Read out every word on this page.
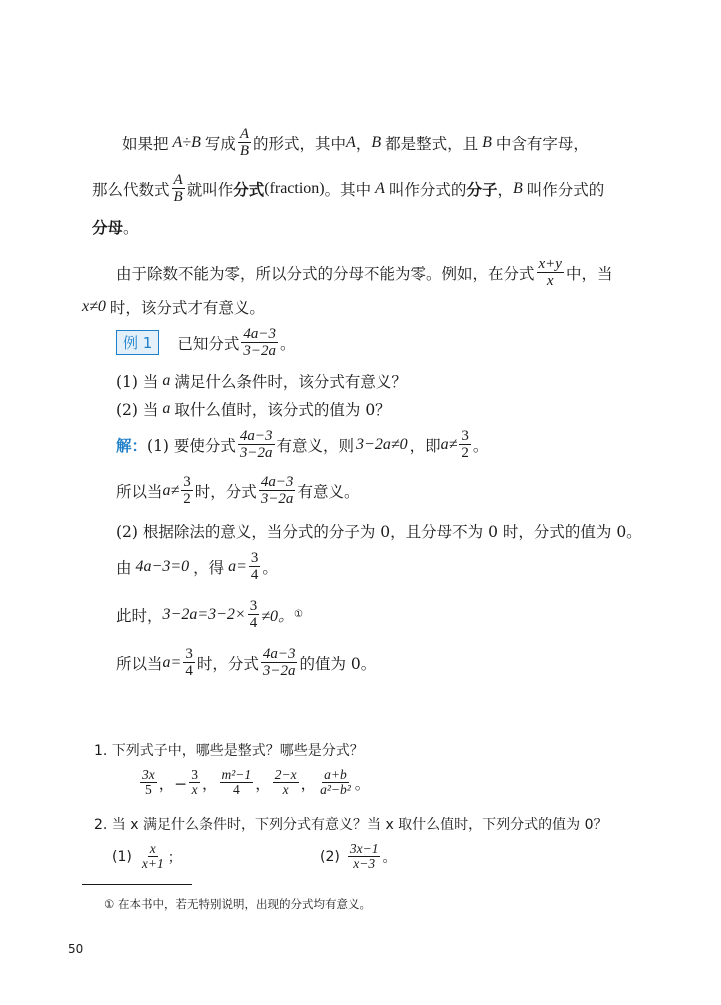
如果把 A÷B 写成 $\frac{A}{B}$ 的形式，其中 A ， B 都是整式，且 B 中含有字母，
那么代数式 $\frac{A}{B}$ 就叫作 分式 (fraction) 。其中 A 叫作分式的 分子 ， B 叫作分式的
分母 。
由于除数不能为零，所以分式的分母不能为零。例如，在分式 $\frac{x+y}{x}$ 中，当
x≠0 时，该分式才有意义。
例 1	已知分式 $\frac{4a-3}{3-2a}$ 。
(1) 当 a 满足什么条件时，该分式有意义？
(2) 当 a 取什么值时，该分式的值为 0？
解： (1) 要使分式 $\frac{4a-3}{3-2a}$ 有意义，则 3−2a≠0 ，即 $a\ne \frac{3}{2}$ 。
所以当 $a\ne \frac{3}{2}$ 时，分式 $\frac{4a-3}{3-2a}$ 有意义。
(2) 根据除法的意义，当分式的分子为 0，且分母不为 0 时，分式的值为 0。
由 4a−3=0 ，得 $a= \frac{3}{4}$ 。
此时， $3-2a=3-2\times \frac{3}{4} \ne 0$。 ①
所以当 $a= \frac{3}{4}$ 时，分式 $\frac{4a-3}{3-2a}$ 的值为 0。
1. 下列式子中，哪些是整式？哪些是分式？
$\frac{3x}{5}$ ，− $\frac{3}{x}$ ， $\frac{\text{m²−1}}{4}$ ， $\frac{2-x}{x}$ ， $\frac{a+b}{\text{a²−b²}}$ 。
2. 当 x 满足什么条件时，下列分式有意义？当 x 取什么值时，下列分式的值为 0？
$(1) \frac{x}{x+1}$ ；	$(2) \frac{3x-1}{x-3}$ 。
① 在本书中，若无特别说明，出现的分式均有意义。
50
